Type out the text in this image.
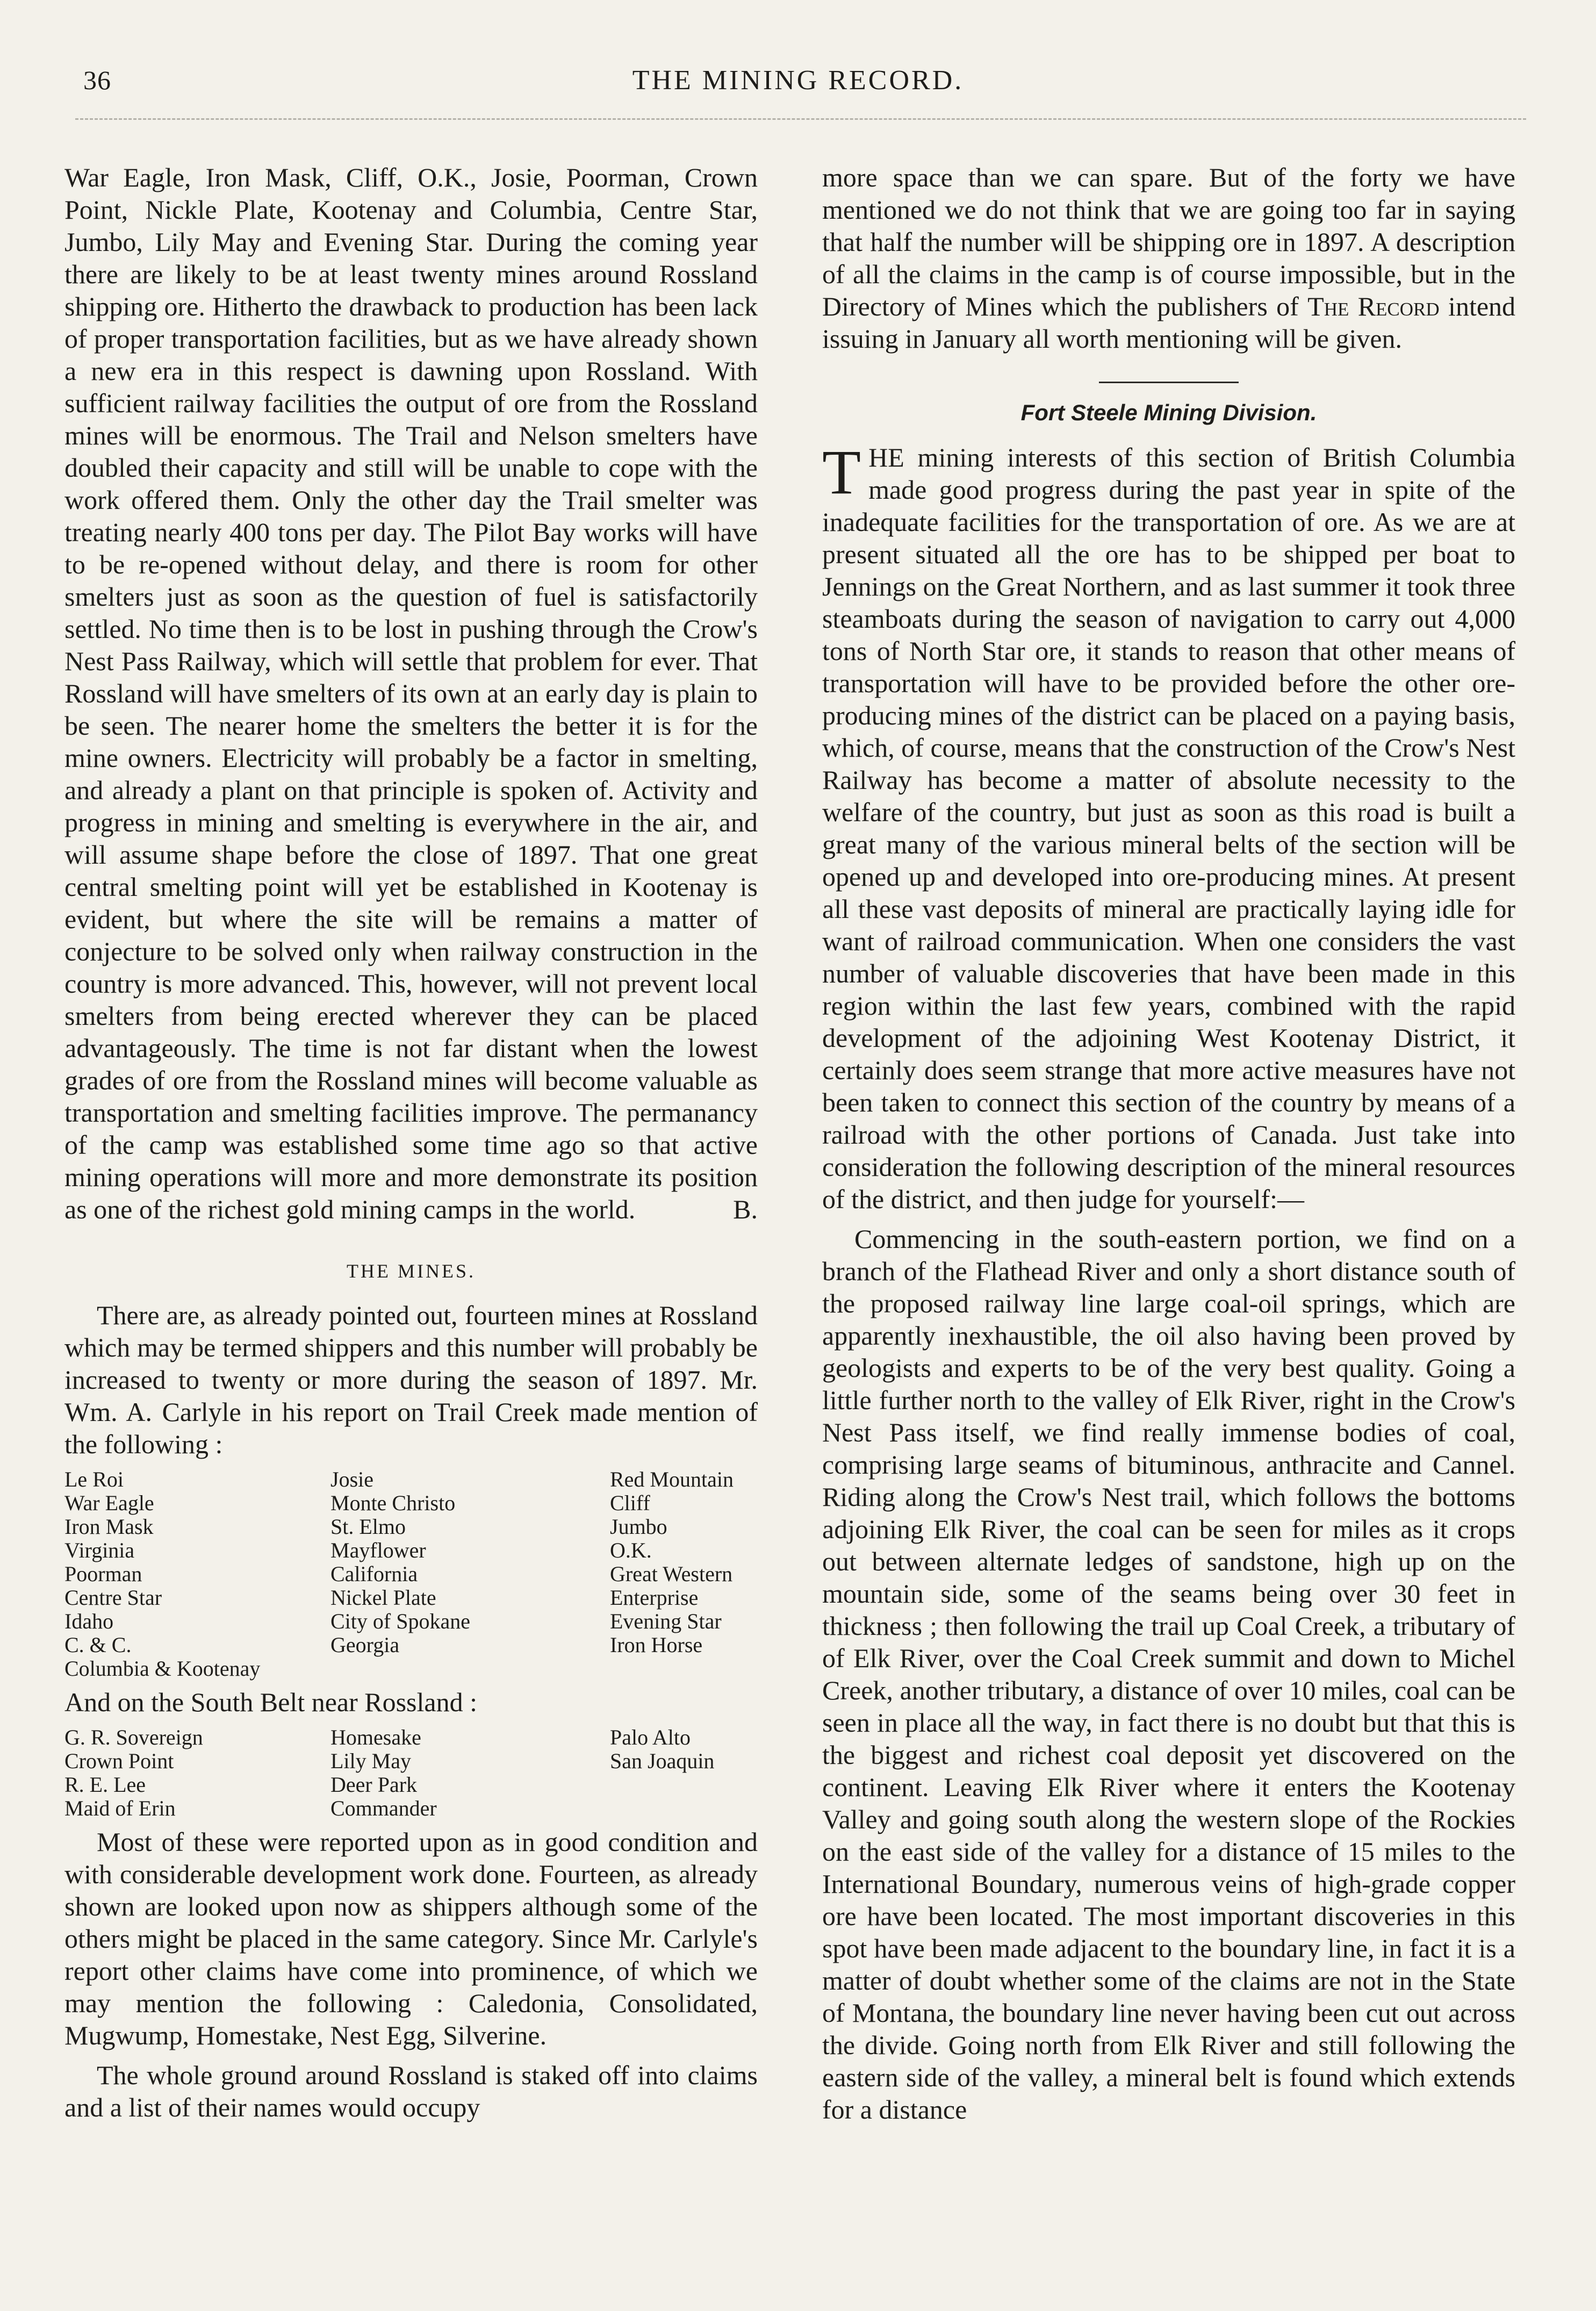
36	THE MINING RECORD.

War Eagle, Iron Mask, Cliff, O.K., Josie, Poorman, Crown Point, Nickle Plate, Kootenay and Columbia, Centre Star, Jumbo, Lily May and Evening Star. During the coming year there are likely to be at least twenty mines around Rossland shipping ore. Hitherto the drawback to production has been lack of proper transportation facilities, but as we have already shown a new era in this respect is dawning upon Rossland. With sufficient railway facilities the output of ore from the Rossland mines will be enormous. The Trail and Nelson smelters have doubled their capacity and still will be unable to cope with the work offered them. Only the other day the Trail smelter was treating nearly 400 tons per day. The Pilot Bay works will have to be re-opened without delay, and there is room for other smelters just as soon as the question of fuel is satisfactorily settled. No time then is to be lost in pushing through the Crow's Nest Pass Railway, which will settle that problem for ever. That Rossland will have smelters of its own at an early day is plain to be seen. The nearer home the smelters the better it is for the mine owners. Electricity will probably be a factor in smelting, and already a plant on that principle is spoken of. Activity and progress in mining and smelting is everywhere in the air, and will assume shape before the close of 1897. That one great central smelting point will yet be established in Kootenay is evident, but where the site will be remains a matter of conjecture to be solved only when railway construction in the country is more advanced. This, however, will not prevent local smelters from being erected wherever they can be placed advantageously. The time is not far distant when the lowest grades of ore from the Rossland mines will become valuable as transportation and smelting facilities improve. The permanancy of the camp was established some time ago so that active mining operations will more and more demonstrate its position as one of the richest gold mining camps in the world.	B.

THE MINES.

There are, as already pointed out, fourteen mines at Rossland which may be termed shippers and this number will probably be increased to twenty or more during the season of 1897. Mr. Wm. A. Carlyle in his report on Trail Creek made mention of the following :

Le Roi	Josie	Red Mountain
War Eagle	Monte Christo	Cliff
Iron Mask	St. Elmo	Jumbo
Virginia	Mayflower	O.K.
Poorman	California	Great Western
Centre Star	Nickel Plate	Enterprise
Idaho	City of Spokane	Evening Star
C. & C.	Georgia	Iron Horse
Columbia & Kootenay

And on the South Belt near Rossland :

G. R. Sovereign	Homesake	Palo Alto
Crown Point	Lily May	San Joaquin
R. E. Lee	Deer Park
Maid of Erin	Commander

Most of these were reported upon as in good condition and with considerable development work done. Fourteen, as already shown are looked upon now as shippers although some of the others might be placed in the same category. Since Mr. Carlyle's report other claims have come into prominence, of which we may mention the following : Caledonia, Consolidated, Mugwump, Homestake, Nest Egg, Silverine.

The whole ground around Rossland is staked off into claims and a list of their names would occupy

more space than we can spare. But of the forty we have mentioned we do not think that we are going too far in saying that half the number will be shipping ore in 1897. A description of all the claims in the camp is of course impossible, but in the Directory of Mines which the publishers of The Record intend issuing in January all worth mentioning will be given.

Fort Steele Mining Division.

THE mining interests of this section of British Columbia made good progress during the past year in spite of the inadequate facilities for the transportation of ore. As we are at present situated all the ore has to be shipped per boat to Jennings on the Great Northern, and as last summer it took three steamboats during the season of navigation to carry out 4,000 tons of North Star ore, it stands to reason that other means of transportation will have to be provided before the other ore-producing mines of the district can be placed on a paying basis, which, of course, means that the construction of the Crow's Nest Railway has become a matter of absolute necessity to the welfare of the country, but just as soon as this road is built a great many of the various mineral belts of the section will be opened up and developed into ore-producing mines. At present all these vast deposits of mineral are practically laying idle for want of railroad communication. When one considers the vast number of valuable discoveries that have been made in this region within the last few years, combined with the rapid development of the adjoining West Kootenay District, it certainly does seem strange that more active measures have not been taken to connect this section of the country by means of a railroad with the other portions of Canada. Just take into consideration the following description of the mineral resources of the district, and then judge for yourself:—

Commencing in the south-eastern portion, we find on a branch of the Flathead River and only a short distance south of the proposed railway line large coal-oil springs, which are apparently inexhaustible, the oil also having been proved by geologists and experts to be of the very best quality. Going a little further north to the valley of Elk River, right in the Crow's Nest Pass itself, we find really immense bodies of coal, comprising large seams of bituminous, anthracite and Cannel. Riding along the Crow's Nest trail, which follows the bottoms adjoining Elk River, the coal can be seen for miles as it crops out between alternate ledges of sandstone, high up on the mountain side, some of the seams being over 30 feet in thickness ; then following the trail up Coal Creek, a tributary of of Elk River, over the Coal Creek summit and down to Michel Creek, another tributary, a distance of over 10 miles, coal can be seen in place all the way, in fact there is no doubt but that this is the biggest and richest coal deposit yet discovered on the continent. Leaving Elk River where it enters the Kootenay Valley and going south along the western slope of the Rockies on the east side of the valley for a distance of 15 miles to the International Boundary, numerous veins of high-grade copper ore have been located. The most important discoveries in this spot have been made adjacent to the boundary line, in fact it is a matter of doubt whether some of the claims are not in the State of Montana, the boundary line never having been cut out across the divide. Going north from Elk River and still following the eastern side of the valley, a mineral belt is found which extends for a distance
